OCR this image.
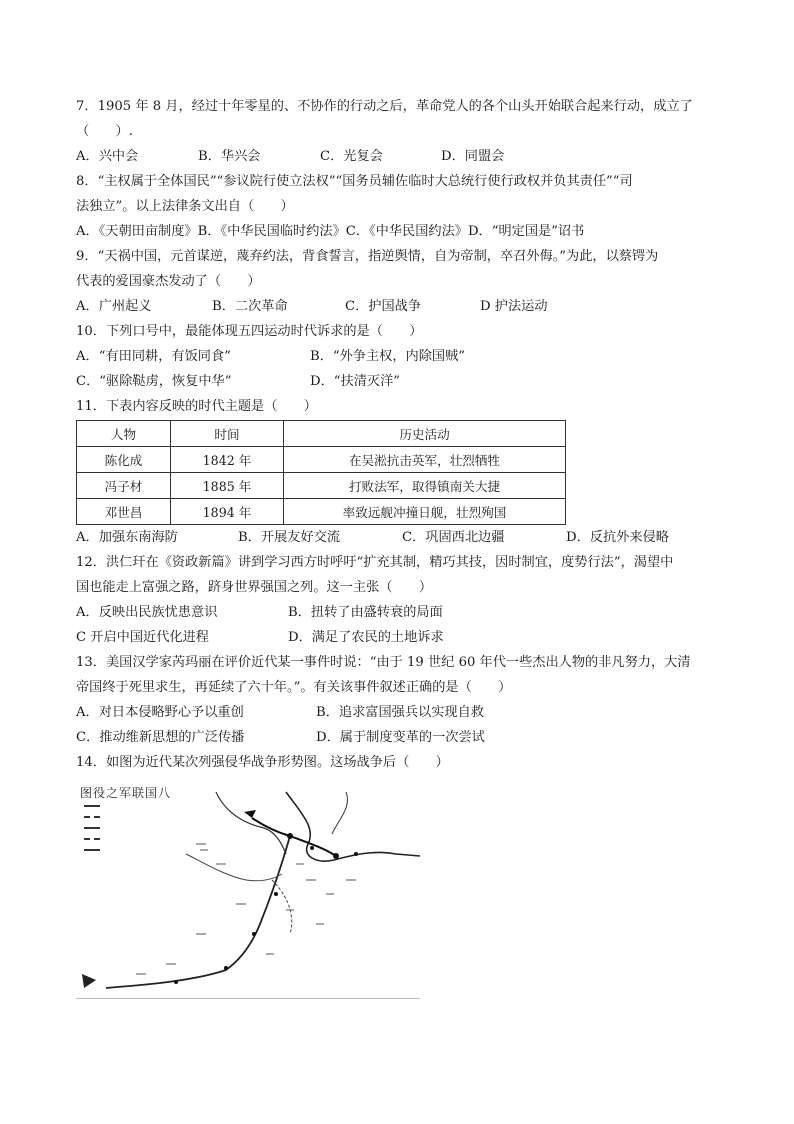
7．1905 年 8 月，经过十年零星的、不协作的行动之后，革命党人的各个山头开始联合起来行动，成立了
（　　）.
A．兴中会	B．华兴会	C．光复会	D．同盟会
8．“主权属于全体国民”“参议院行使立法权”“国务员辅佐临时大总统行使行政权并负其责任”“司
法独立”。以上法律条文出自（　　）
A．《天朝田亩制度》B．《中华民国临时约法》C．《中华民国约法》D．“明定国是”诏书
9．“天祸中国，元首谋逆，蔑弃约法，背食誓言，指逆舆情，自为帝制，卒召外侮。”为此，以蔡锷为
代表的爱国豪杰发动了（　　）
A．广州起义	B．二次革命	C．护国战争	D 护法运动
10．下列口号中，最能体现五四运动时代诉求的是（　　）
A．“有田同耕，有饭同食”	B．“外争主权，内除国贼”
C．“驱除鞑虏，恢复中华”	D．“扶清灭洋”
11．下表内容反映的时代主题是（　　）
人物	时间	历史活动
陈化成	1842 年	在吴淞抗击英军，壮烈牺牲
冯子材	1885 年	打败法军，取得镇南关大捷
邓世昌	1894 年	率致远舰冲撞日舰，壮烈殉国
A．加强东南海防	B．开展友好交流	C．巩固西北边疆	D．反抗外来侵略
12．洪仁玕在《资政新篇》讲到学习西方时呼吁“扩充其制，精巧其技，因时制宜，度势行法”，渴望中
国也能走上富强之路，跻身世界强国之列。这一主张（　　）
A．反映出民族忧患意识	B．扭转了由盛转衰的局面
C 开启中国近代化进程	D．满足了农民的土地诉求
13．美国汉学家芮玛丽在评价近代某一事件时说：“由于 19 世纪 60 年代一些杰出人物的非凡努力，大清
帝国终于死里求生，再延续了六十年。”。有关该事件叙述正确的是（　　）
A．对日本侵略野心予以重创	B．追求富国强兵以实现自救
C．推动维新思想的广泛传播	D．属于制度变革的一次尝试
14．如图为近代某次列强侵华战争形势图。这场战争后（　　）
图役之军联国八
